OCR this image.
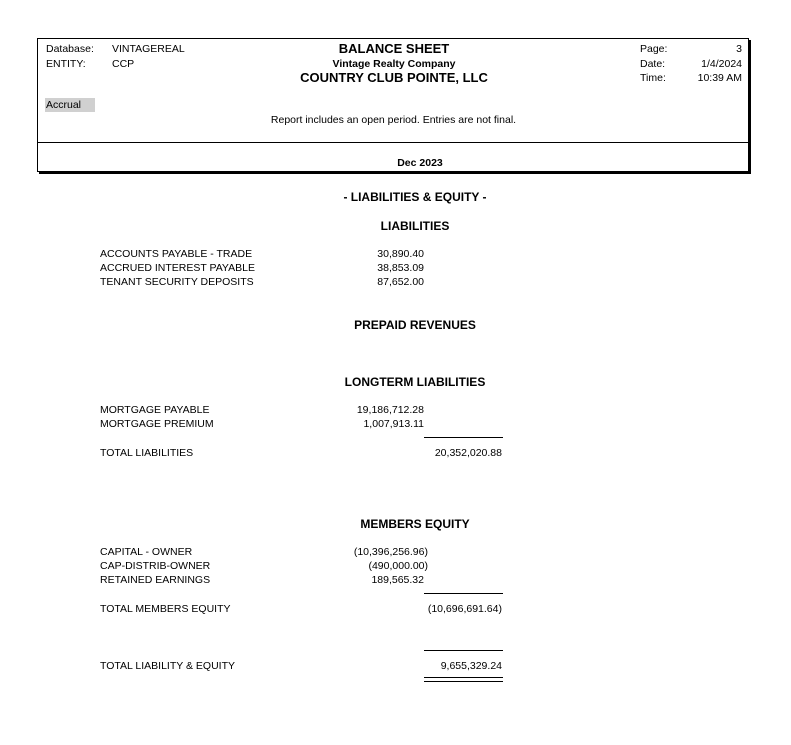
Database: VINTAGEREAL
ENTITY:	CCP
BALANCE SHEET
Vintage Realty Company
COUNTRY CLUB POINTE, LLC
Page:	3
Date:	1/4/2024
Time:	10:39 AM
Accrual
Report includes an open period. Entries are not final.
Dec 2023
- LIABILITIES & EQUITY -
LIABILITIES
ACCOUNTS PAYABLE - TRADE	30,890.40
ACCRUED INTEREST PAYABLE	38,853.09
TENANT SECURITY DEPOSITS	87,652.00
PREPAID REVENUES
LONGTERM LIABILITIES
MORTGAGE PAYABLE	19,186,712.28
MORTGAGE PREMIUM	1,007,913.11
TOTAL LIABILITIES	20,352,020.88
MEMBERS EQUITY
CAPITAL - OWNER	(10,396,256.96)
CAP-DISTRIB-OWNER	(490,000.00)
RETAINED EARNINGS	189,565.32
TOTAL MEMBERS EQUITY	(10,696,691.64)
TOTAL LIABILITY & EQUITY	9,655,329.24
